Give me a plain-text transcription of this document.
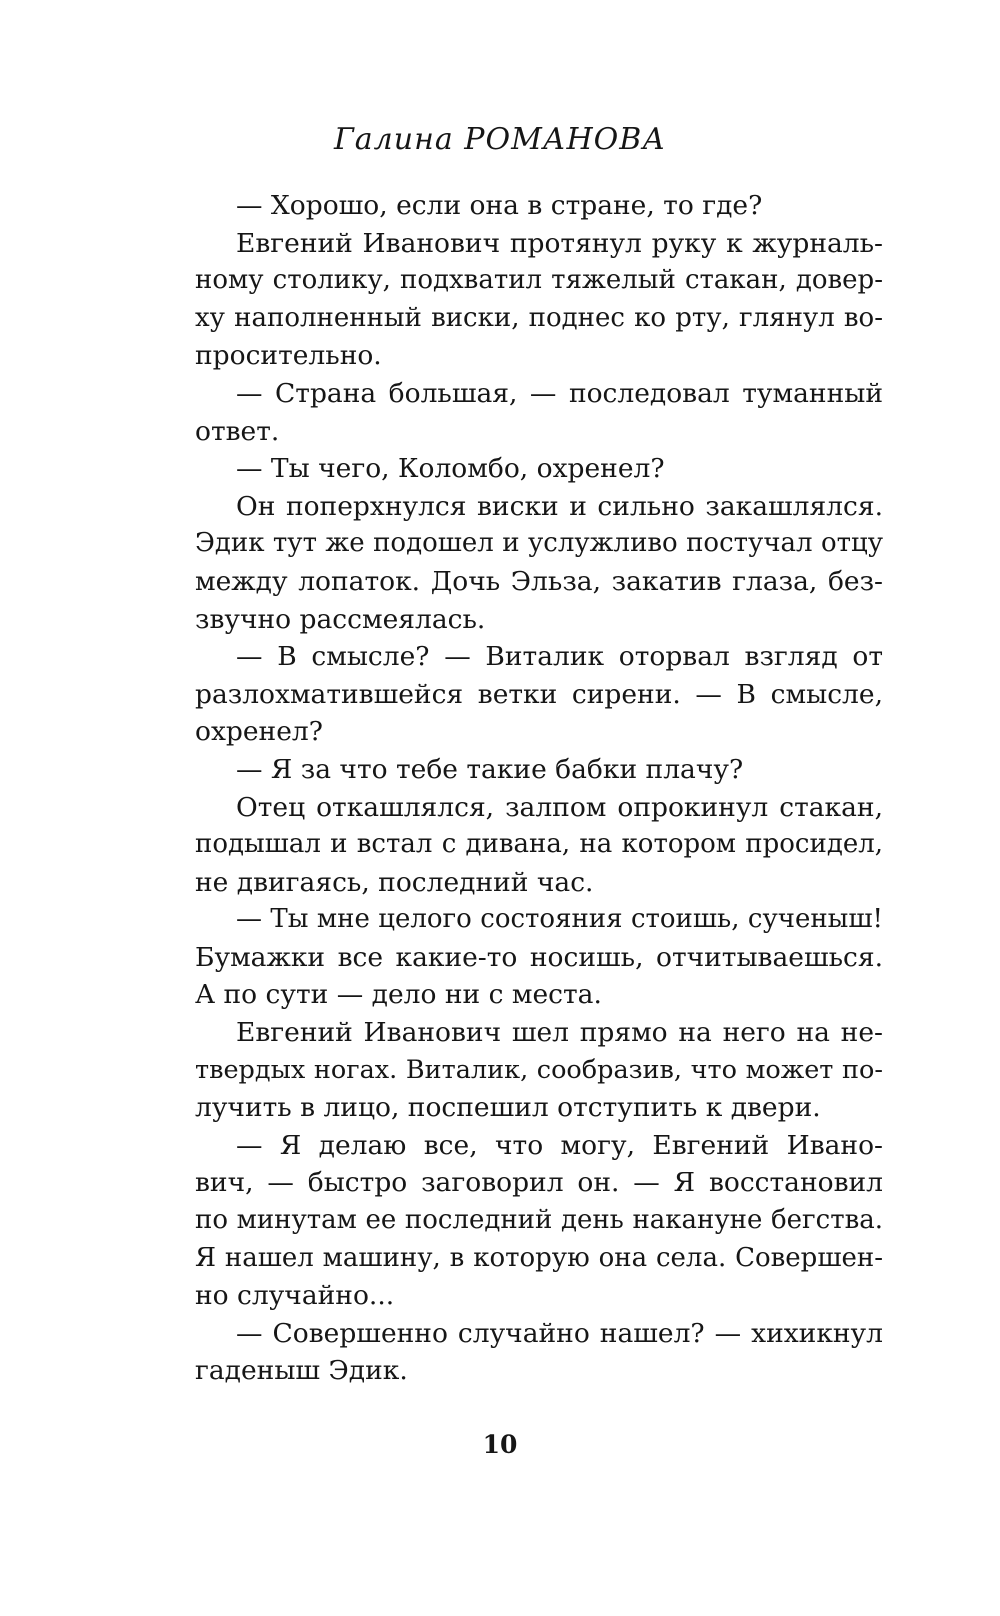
Галина РОМАНОВА
— Хорошо, если она в стране, то где?
Евгений Иванович протянул руку к журналь-
ному столику, подхватил тяжелый стакан, довер-
ху наполненный виски, поднес ко рту, глянул во-
просительно.
— Страна большая, — последовал туманный
ответ.
— Ты чего, Коломбо, охренел?
Он поперхнулся виски и сильно закашлялся.
Эдик тут же подошел и услужливо постучал отцу
между лопаток. Дочь Эльза, закатив глаза, без-
звучно рассмеялась.
— В смысле? — Виталик оторвал взгляд от
разлохматившейся ветки сирени. — В смысле,
охренел?
— Я за что тебе такие бабки плачу?
Отец откашлялся, залпом опрокинул стакан,
подышал и встал с дивана, на котором просидел,
не двигаясь, последний час.
— Ты мне целого состояния стоишь, сученыш!
Бумажки все какие-то носишь, отчитываешься.
А по сути — дело ни с места.
Евгений Иванович шел прямо на него на не-
твердых ногах. Виталик, сообразив, что может по-
лучить в лицо, поспешил отступить к двери.
— Я делаю все, что могу, Евгений Ивано-
вич, — быстро заговорил он. — Я восстановил
по минутам ее последний день накануне бегства.
Я нашел машину, в которую она села. Совершен-
но случайно...
— Совершенно случайно нашел? — хихикнул
гаденыш Эдик.
10
